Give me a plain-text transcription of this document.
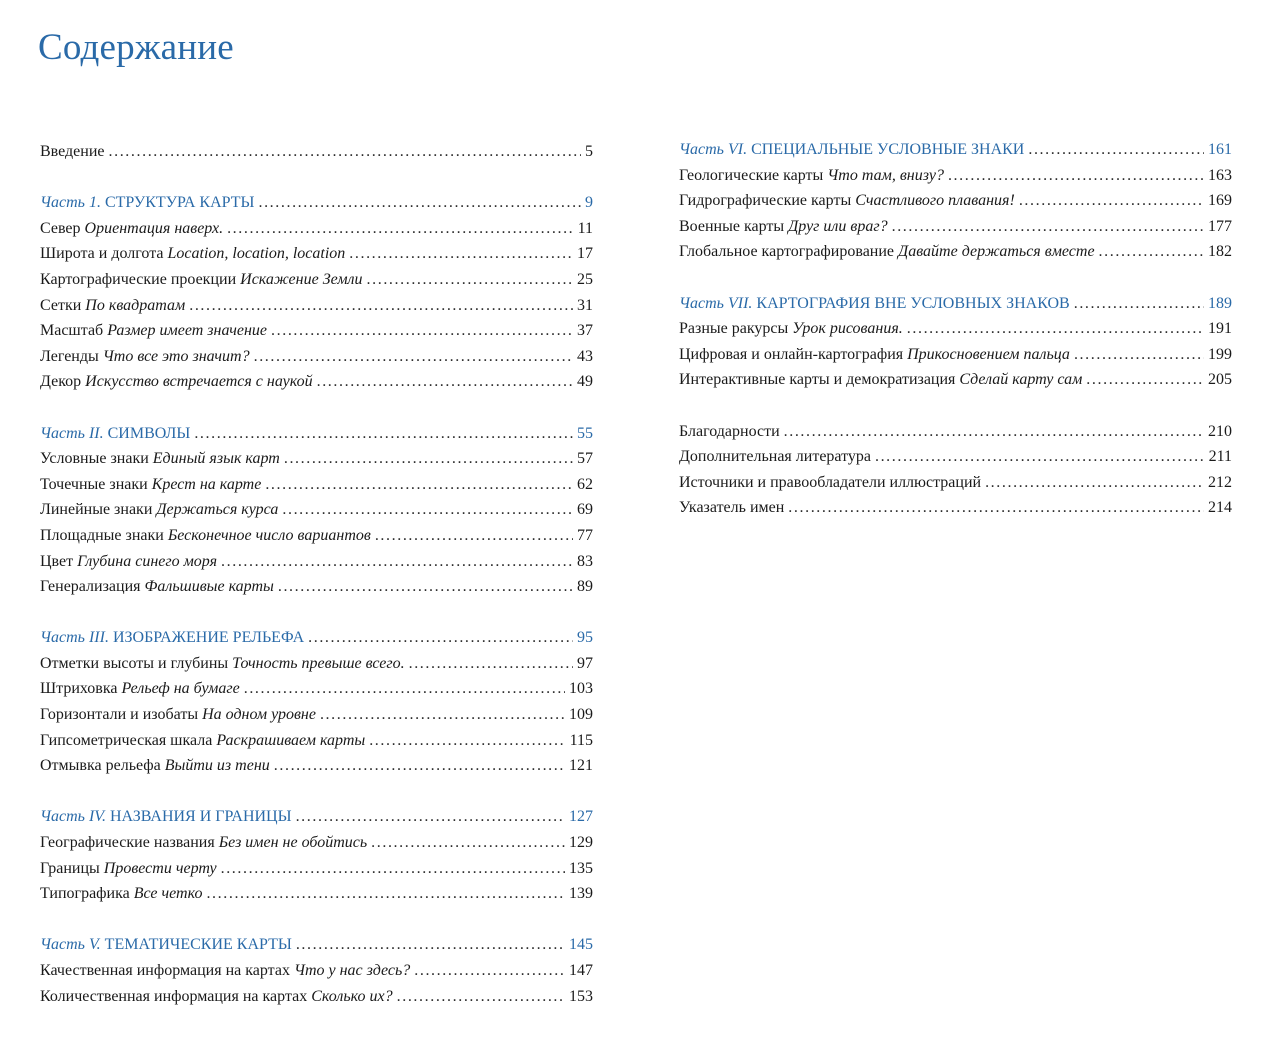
Содержание
Введение . . .	5
Часть 1. СТРУКТУРА КАРТЫ . . .	9
Север Ориентация наверх. . . .	11
Широта и долгота Location, location, location . . .	17
Картографические проекции Искажение Земли . . .	25
Сетки По квадратам . . .	31
Масштаб Размер имеет значение . . .	37
Легенды Что все это значит? . . .	43
Декор Искусство встречается с наукой . . .	49
Часть II. СИМВОЛЫ . . .	55
Условные знаки Единый язык карт . . .	57
Точечные знаки Крест на карте . . .	62
Линейные знаки Держаться курса . . .	69
Площадные знаки Бесконечное число вариантов . . .	77
Цвет Глубина синего моря . . .	83
Генерализация Фальшивые карты . . .	89
Часть III. ИЗОБРАЖЕНИЕ РЕЛЬЕФА . . .	95
Отметки высоты и глубины Точность превыше всего. . . .	97
Штриховка Рельеф на бумаге . . .	103
Горизонтали и изобаты На одном уровне . . .	109
Гипсометрическая шкала Раскрашиваем карты . . .	115
Отмывка рельефа Выйти из тени . . .	121
Часть IV. НАЗВАНИЯ И ГРАНИЦЫ . . .	127
Географические названия Без имен не обойтись . . .	129
Границы Провести черту . . .	135
Типографика Все четко . . .	139
Часть V. ТЕМАТИЧЕСКИЕ КАРТЫ . . .	145
Качественная информация на картах Что у нас здесь? . . .	147
Количественная информация на картах Сколько их? . . .	153
Часть VI. СПЕЦИАЛЬНЫЕ УСЛОВНЫЕ ЗНАКИ . . .	161
Геологические карты Что там, внизу? . . .	163
Гидрографические карты Счастливого плавания! . . .	169
Военные карты Друг или враг? . . .	177
Глобальное картографирование Давайте держаться вместе . . .	182
Часть VII. КАРТОГРАФИЯ ВНЕ УСЛОВНЫХ ЗНАКОВ . . .	189
Разные ракурсы Урок рисования. . . .	191
Цифровая и онлайн-картография Прикосновением пальца . . .	199
Интерактивные карты и демократизация Сделай карту сам . . .	205
Благодарности . . .	210
Дополнительная литература . . .	211
Источники и правообладатели иллюстраций . . .	212
Указатель имен . . .	214
